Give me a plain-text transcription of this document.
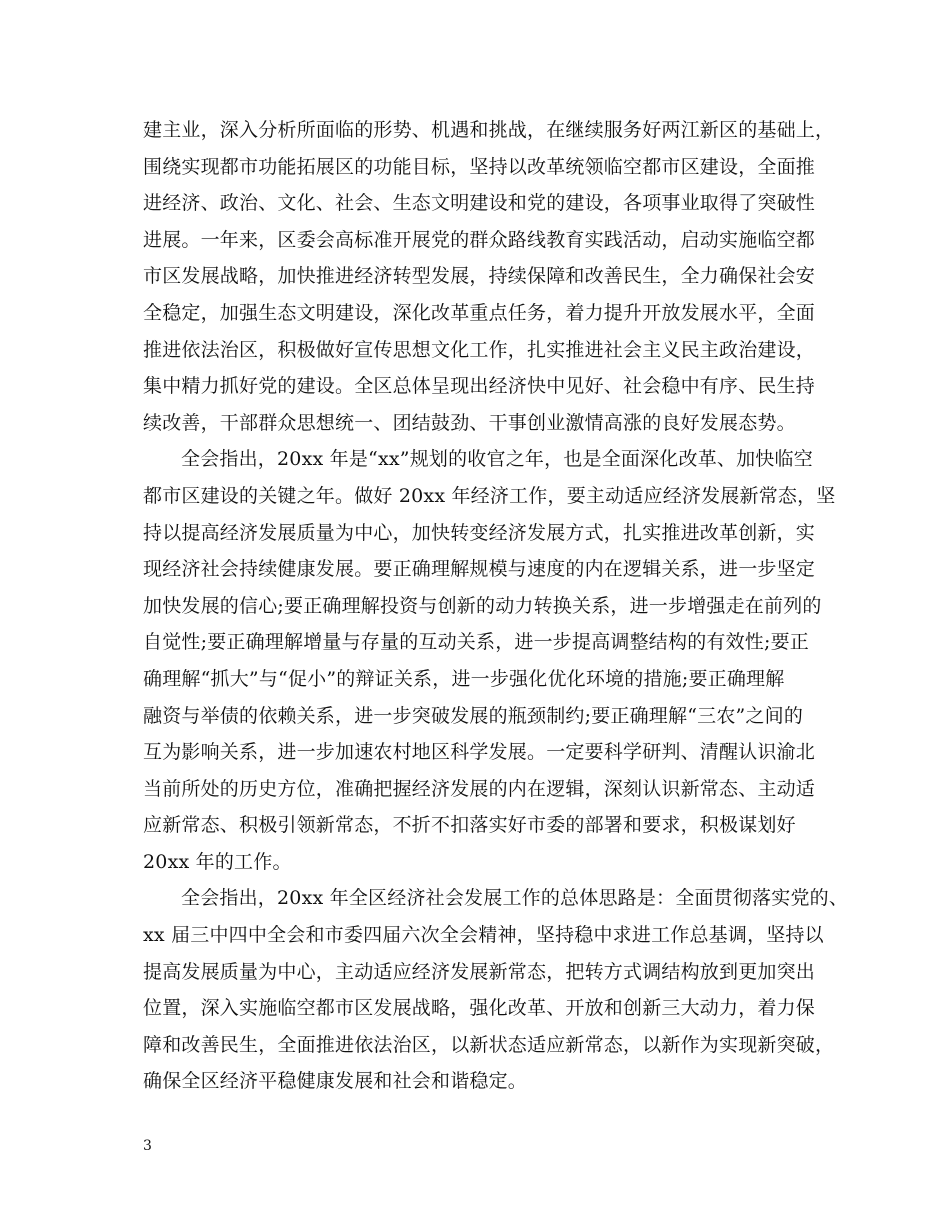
建主业，深入分析所面临的形势、机遇和挑战，在继续服务好两江新区的基础上，
围绕实现都市功能拓展区的功能目标，坚持以改革统领临空都市区建设，全面推
进经济、政治、文化、社会、生态文明建设和党的建设，各项事业取得了突破性
进展。一年来，区委会高标准开展党的群众路线教育实践活动，启动实施临空都
市区发展战略，加快推进经济转型发展，持续保障和改善民生，全力确保社会安
全稳定，加强生态文明建设，深化改革重点任务，着力提升开放发展水平，全面
推进依法治区，积极做好宣传思想文化工作，扎实推进社会主义民主政治建设，
集中精力抓好党的建设。全区总体呈现出经济快中见好、社会稳中有序、民生持
续改善，干部群众思想统一、团结鼓劲、干事创业激情高涨的良好发展态势。
全会指出，20xx 年是“xx”规划的收官之年，也是全面深化改革、加快临空
都市区建设的关键之年。做好 20xx 年经济工作，要主动适应经济发展新常态，坚
持以提高经济发展质量为中心，加快转变经济发展方式，扎实推进改革创新，实
现经济社会持续健康发展。要正确理解规模与速度的内在逻辑关系，进一步坚定
加快发展的信心;要正确理解投资与创新的动力转换关系，进一步增强走在前列的
自觉性;要正确理解增量与存量的互动关系，进一步提高调整结构的有效性;要正
确理解“抓大”与“促小”的辩证关系，进一步强化优化环境的措施;要正确理解
融资与举债的依赖关系，进一步突破发展的瓶颈制约;要正确理解“三农”之间的
互为影响关系，进一步加速农村地区科学发展。一定要科学研判、清醒认识渝北
当前所处的历史方位，准确把握经济发展的内在逻辑，深刻认识新常态、主动适
应新常态、积极引领新常态，不折不扣落实好市委的部署和要求，积极谋划好
20xx 年的工作。
全会指出，20xx 年全区经济社会发展工作的总体思路是：全面贯彻落实党的、
xx 届三中四中全会和市委四届六次全会精神，坚持稳中求进工作总基调，坚持以
提高发展质量为中心，主动适应经济发展新常态，把转方式调结构放到更加突出
位置，深入实施临空都市区发展战略，强化改革、开放和创新三大动力，着力保
障和改善民生，全面推进依法治区，以新状态适应新常态，以新作为实现新突破，
确保全区经济平稳健康发展和社会和谐稳定。
3
